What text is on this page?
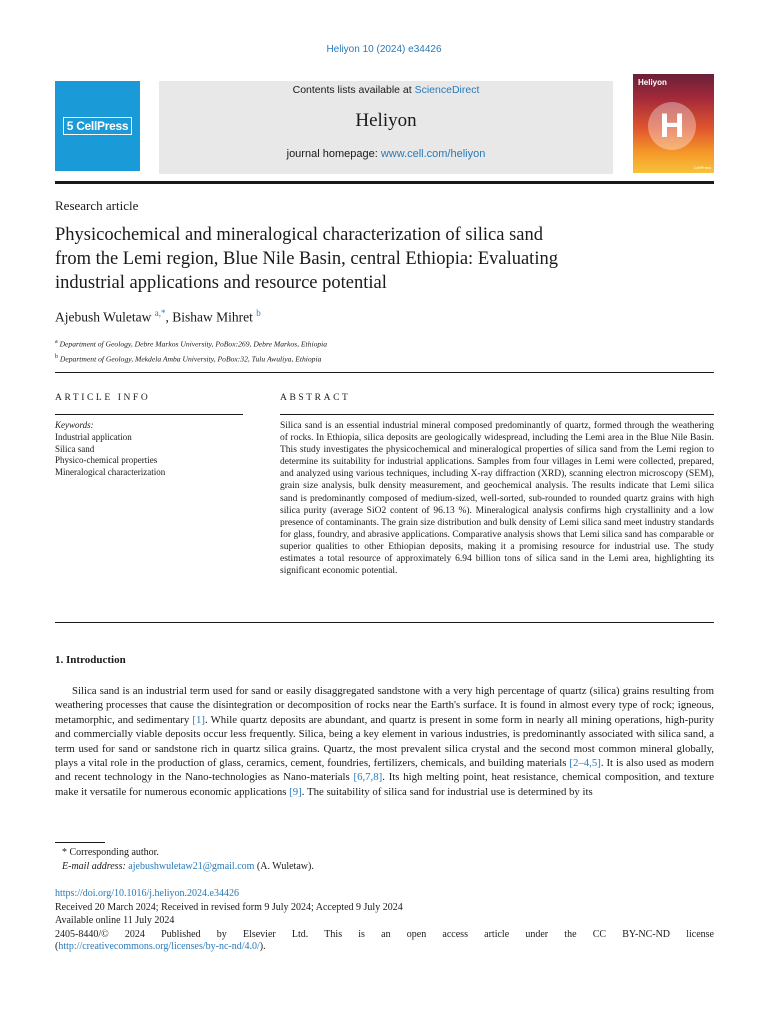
Heliyon 10 (2024) e34426
5 CellPress
Contents lists available at ScienceDirect
Heliyon
journal homepage: www.cell.com/heliyon
Heliyon
H
CellPress
Research article
Physicochemical and mineralogical characterization of silica sand
from the Lemi region, Blue Nile Basin, central Ethiopia: Evaluating
industrial applications and resource potential
Ajebush Wuletaw $^{a,*}$, Bishaw Mihret $^b$
$^a$ Department of Geology, Debre Markos University, PoBox:269, Debre Markos, Ethiopia
$^b$ Department of Geology, Mekdela Amba University, PoBox:32, Tulu Awuliya, Ethiopia
ARTICLE INFO	ABSTRACT
Keywords:
Industrial application
Silica sand
Physico-chemical properties
Mineralogical characterization
Silica sand is an essential industrial mineral composed predominantly of quartz, formed through the weathering of rocks. In Ethiopia, silica deposits are geologically widespread, including the Lemi area in the Blue Nile Basin. This study investigates the physicochemical and mineralogical properties of silica sand from the Lemi region to determine its suitability for industrial applications. Samples from four villages in Lemi were collected, prepared, and analyzed using various techniques, including X-ray diffraction (XRD), scanning electron microscopy (SEM), grain size analysis, bulk density measurement, and geochemical analysis. The results indicate that Lemi silica sand is predominantly composed of medium-sized, well-sorted, sub-rounded to rounded quartz grains with high silica purity (average SiO2 content of 96.13 %). Mineralogical analysis confirms high crystallinity and a low presence of contaminants. The grain size distribution and bulk density of Lemi silica sand meet industry standards for glass, foundry, and abrasive applications. Comparative analysis shows that Lemi silica sand has comparable or superior qualities to other Ethiopian deposits, making it a promising resource for industrial use. The study estimates a total resource of approximately 6.94 billion tons of silica sand in the Lemi area, highlighting its significant economic potential.
1. Introduction
Silica sand is an industrial term used for sand or easily disaggregated sandstone with a very high percentage of quartz (silica) grains resulting from weathering processes that cause the disintegration or decomposition of rocks near the Earth's surface. It is found in almost every type of rock; igneous, metamorphic, and sedimentary [1]. While quartz deposits are abundant, and quartz is present in some form in nearly all mining operations, high-purity and commercially viable deposits occur less frequently. Silica, being a key element in various industries, is predominantly associated with silica sand, a term used for sand or sandstone rich in quartz silica grains. Quartz, the most prevalent silica crystal and the second most common mineral globally, plays a vital role in the production of glass, ceramics, cement, foundries, fertilizers, chemicals, and building materials [2–4,5]. It is also used as modern and recent technology in the Nano-technologies as Nano-materials [6,7,8]. Its high melting point, heat resistance, chemical composition, and texture make it versatile for numerous economic applications [9]. The suitability of silica sand for industrial use is determined by its
* Corresponding author.
E-mail address: ajebushwuletaw21@gmail.com (A. Wuletaw).
https://doi.org/10.1016/j.heliyon.2024.e34426
Received 20 March 2024; Received in revised form 9 July 2024; Accepted 9 July 2024
Available online 11 July 2024
2405-8440/© 2024 Published by Elsevier Ltd. This is an open access article under the CC BY-NC-ND license
(http://creativecommons.org/licenses/by-nc-nd/4.0/).
